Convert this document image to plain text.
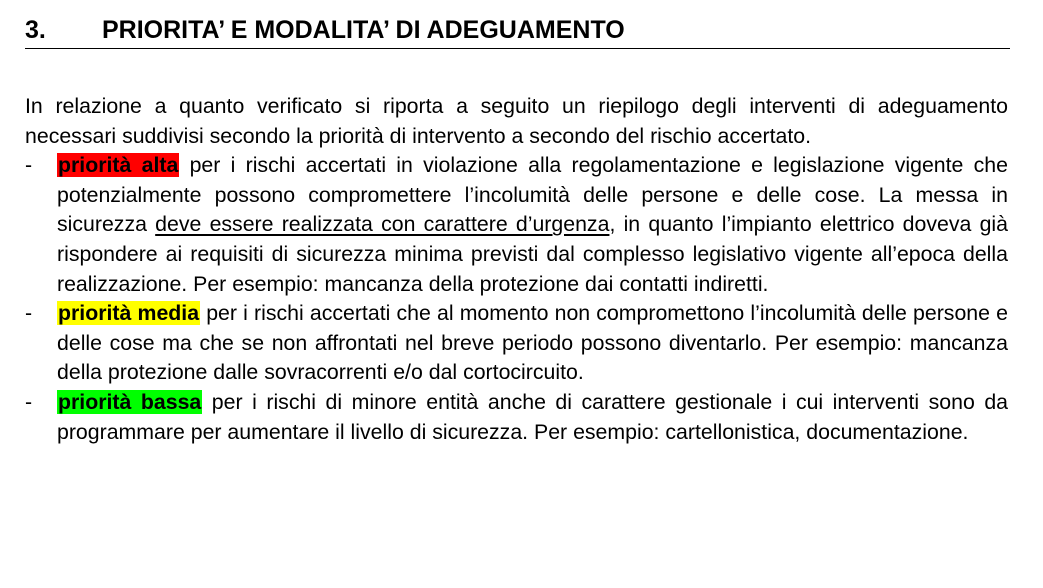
3. PRIORITA’ E MODALITA’ DI ADEGUAMENTO

In relazione a quanto verificato si riporta a seguito un riepilogo degli interventi di adeguamento necessari suddivisi secondo la priorità di intervento a secondo del rischio accertato.

- priorità alta per i rischi accertati in violazione alla regolamentazione e legislazione vigente che potenzialmente possono compromettere l’incolumità delle persone e delle cose. La messa in sicurezza deve essere realizzata con carattere d’urgenza, in quanto l’impianto elettrico doveva già rispondere ai requisiti di sicurezza minima previsti dal complesso legislativo vigente all’epoca della realizzazione. Per esempio: mancanza della protezione dai contatti indiretti.
- priorità media per i rischi accertati che al momento non compromettono l’incolumità delle persone e delle cose ma che se non affrontati nel breve periodo possono diventarlo. Per esempio: mancanza della protezione dalle sovracorrenti e/o dal cortocircuito.
- priorità bassa per i rischi di minore entità anche di carattere gestionale i cui interventi sono da programmare per aumentare il livello di sicurezza. Per esempio: cartellonistica, documentazione.
